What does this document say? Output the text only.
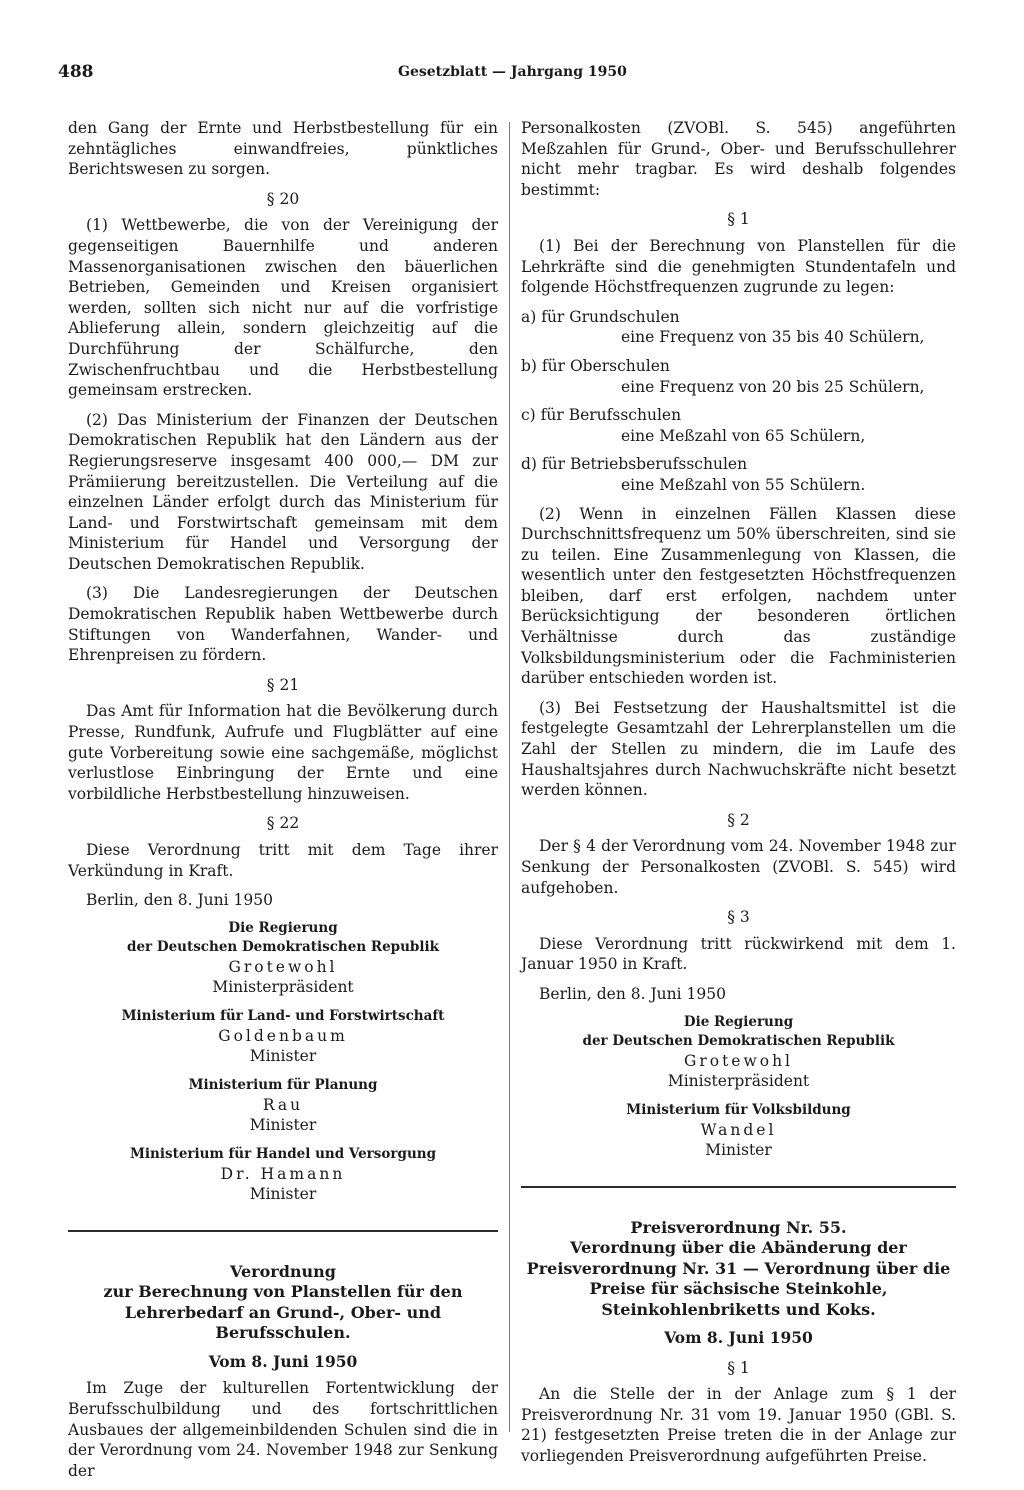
488	Gesetzblatt — Jahrgang 1950

den Gang der Ernte und Herbstbestellung für ein zehntägliches einwandfreies, pünktliches Berichtswesen zu sorgen.

§ 20

(1) Wettbewerbe, die von der Vereinigung der gegenseitigen Bauernhilfe und anderen Massenorganisationen zwischen den bäuerlichen Betrieben, Gemeinden und Kreisen organisiert werden, sollten sich nicht nur auf die vorfristige Ablieferung allein, sondern gleichzeitig auf die Durchführung der Schälfurche, den Zwischenfruchtbau und die Herbstbestellung gemeinsam erstrecken.

(2) Das Ministerium der Finanzen der Deutschen Demokratischen Republik hat den Ländern aus der Regierungsreserve insgesamt 400 000,— DM zur Prämiierung bereitzustellen. Die Verteilung auf die einzelnen Länder erfolgt durch das Ministerium für Land- und Forstwirtschaft gemeinsam mit dem Ministerium für Handel und Versorgung der Deutschen Demokratischen Republik.

(3) Die Landesregierungen der Deutschen Demokratischen Republik haben Wettbewerbe durch Stiftungen von Wanderfahnen, Wander- und Ehrenpreisen zu fördern.

§ 21

Das Amt für Information hat die Bevölkerung durch Presse, Rundfunk, Aufrufe und Flugblätter auf eine gute Vorbereitung sowie eine sachgemäße, möglichst verlustlose Einbringung der Ernte und eine vorbildliche Herbstbestellung hinzuweisen.

§ 22

Diese Verordnung tritt mit dem Tage ihrer Verkündung in Kraft.

Berlin, den 8. Juni 1950

Die Regierung
der Deutschen Demokratischen Republik
Grotewohl
Ministerpräsident
Ministerium für Land- und Forstwirtschaft
Goldenbaum
Minister
Ministerium für Planung
Rau
Minister
Ministerium für Handel und Versorgung
Dr. Hamann
Minister
Verordnung
zur Berechnung von Planstellen für den Lehrerbedarf an Grund-, Ober- und Berufsschulen.
Vom 8. Juni 1950

Im Zuge der kulturellen Fortentwicklung der Berufsschulbildung und des fortschrittlichen Ausbaues der allgemeinbildenden Schulen sind die in der Verordnung vom 24. November 1948 zur Senkung der

Personalkosten (ZVOBl. S. 545) angeführten Meßzahlen für Grund-, Ober- und Berufsschullehrer nicht mehr tragbar. Es wird deshalb folgendes bestimmt:

§ 1

(1) Bei der Berechnung von Planstellen für die Lehrkräfte sind die genehmigten Stundentafeln und folgende Höchstfrequenzen zugrunde zu legen:

a) für Grundschulen
eine Frequenz von 35 bis 40 Schülern,
b) für Oberschulen
eine Frequenz von 20 bis 25 Schülern,
c) für Berufsschulen
eine Meßzahl von 65 Schülern,
d) für Betriebsberufsschulen
eine Meßzahl von 55 Schülern.

(2) Wenn in einzelnen Fällen Klassen diese Durchschnittsfrequenz um 50% überschreiten, sind sie zu teilen. Eine Zusammenlegung von Klassen, die wesentlich unter den festgesetzten Höchstfrequenzen bleiben, darf erst erfolgen, nachdem unter Berücksichtigung der besonderen örtlichen Verhältnisse durch das zuständige Volksbildungsministerium oder die Fachministerien darüber entschieden worden ist.

(3) Bei Festsetzung der Haushaltsmittel ist die festgelegte Gesamtzahl der Lehrerplanstellen um die Zahl der Stellen zu mindern, die im Laufe des Haushaltsjahres durch Nachwuchskräfte nicht besetzt werden können.

§ 2

Der § 4 der Verordnung vom 24. November 1948 zur Senkung der Personalkosten (ZVOBl. S. 545) wird aufgehoben.

§ 3

Diese Verordnung tritt rückwirkend mit dem 1. Januar 1950 in Kraft.

Berlin, den 8. Juni 1950

Die Regierung
der Deutschen Demokratischen Republik
Grotewohl
Ministerpräsident
Ministerium für Volksbildung
Wandel
Minister
Preisverordnung Nr. 55.
Verordnung über die Abänderung der Preisverordnung Nr. 31 — Verordnung über die Preise für sächsische Steinkohle, Steinkohlenbriketts und Koks.
Vom 8. Juni 1950
§ 1

An die Stelle der in der Anlage zum § 1 der Preisverordnung Nr. 31 vom 19. Januar 1950 (GBl. S. 21) festgesetzten Preise treten die in der Anlage zur vorliegenden Preisverordnung aufgeführten Preise.
